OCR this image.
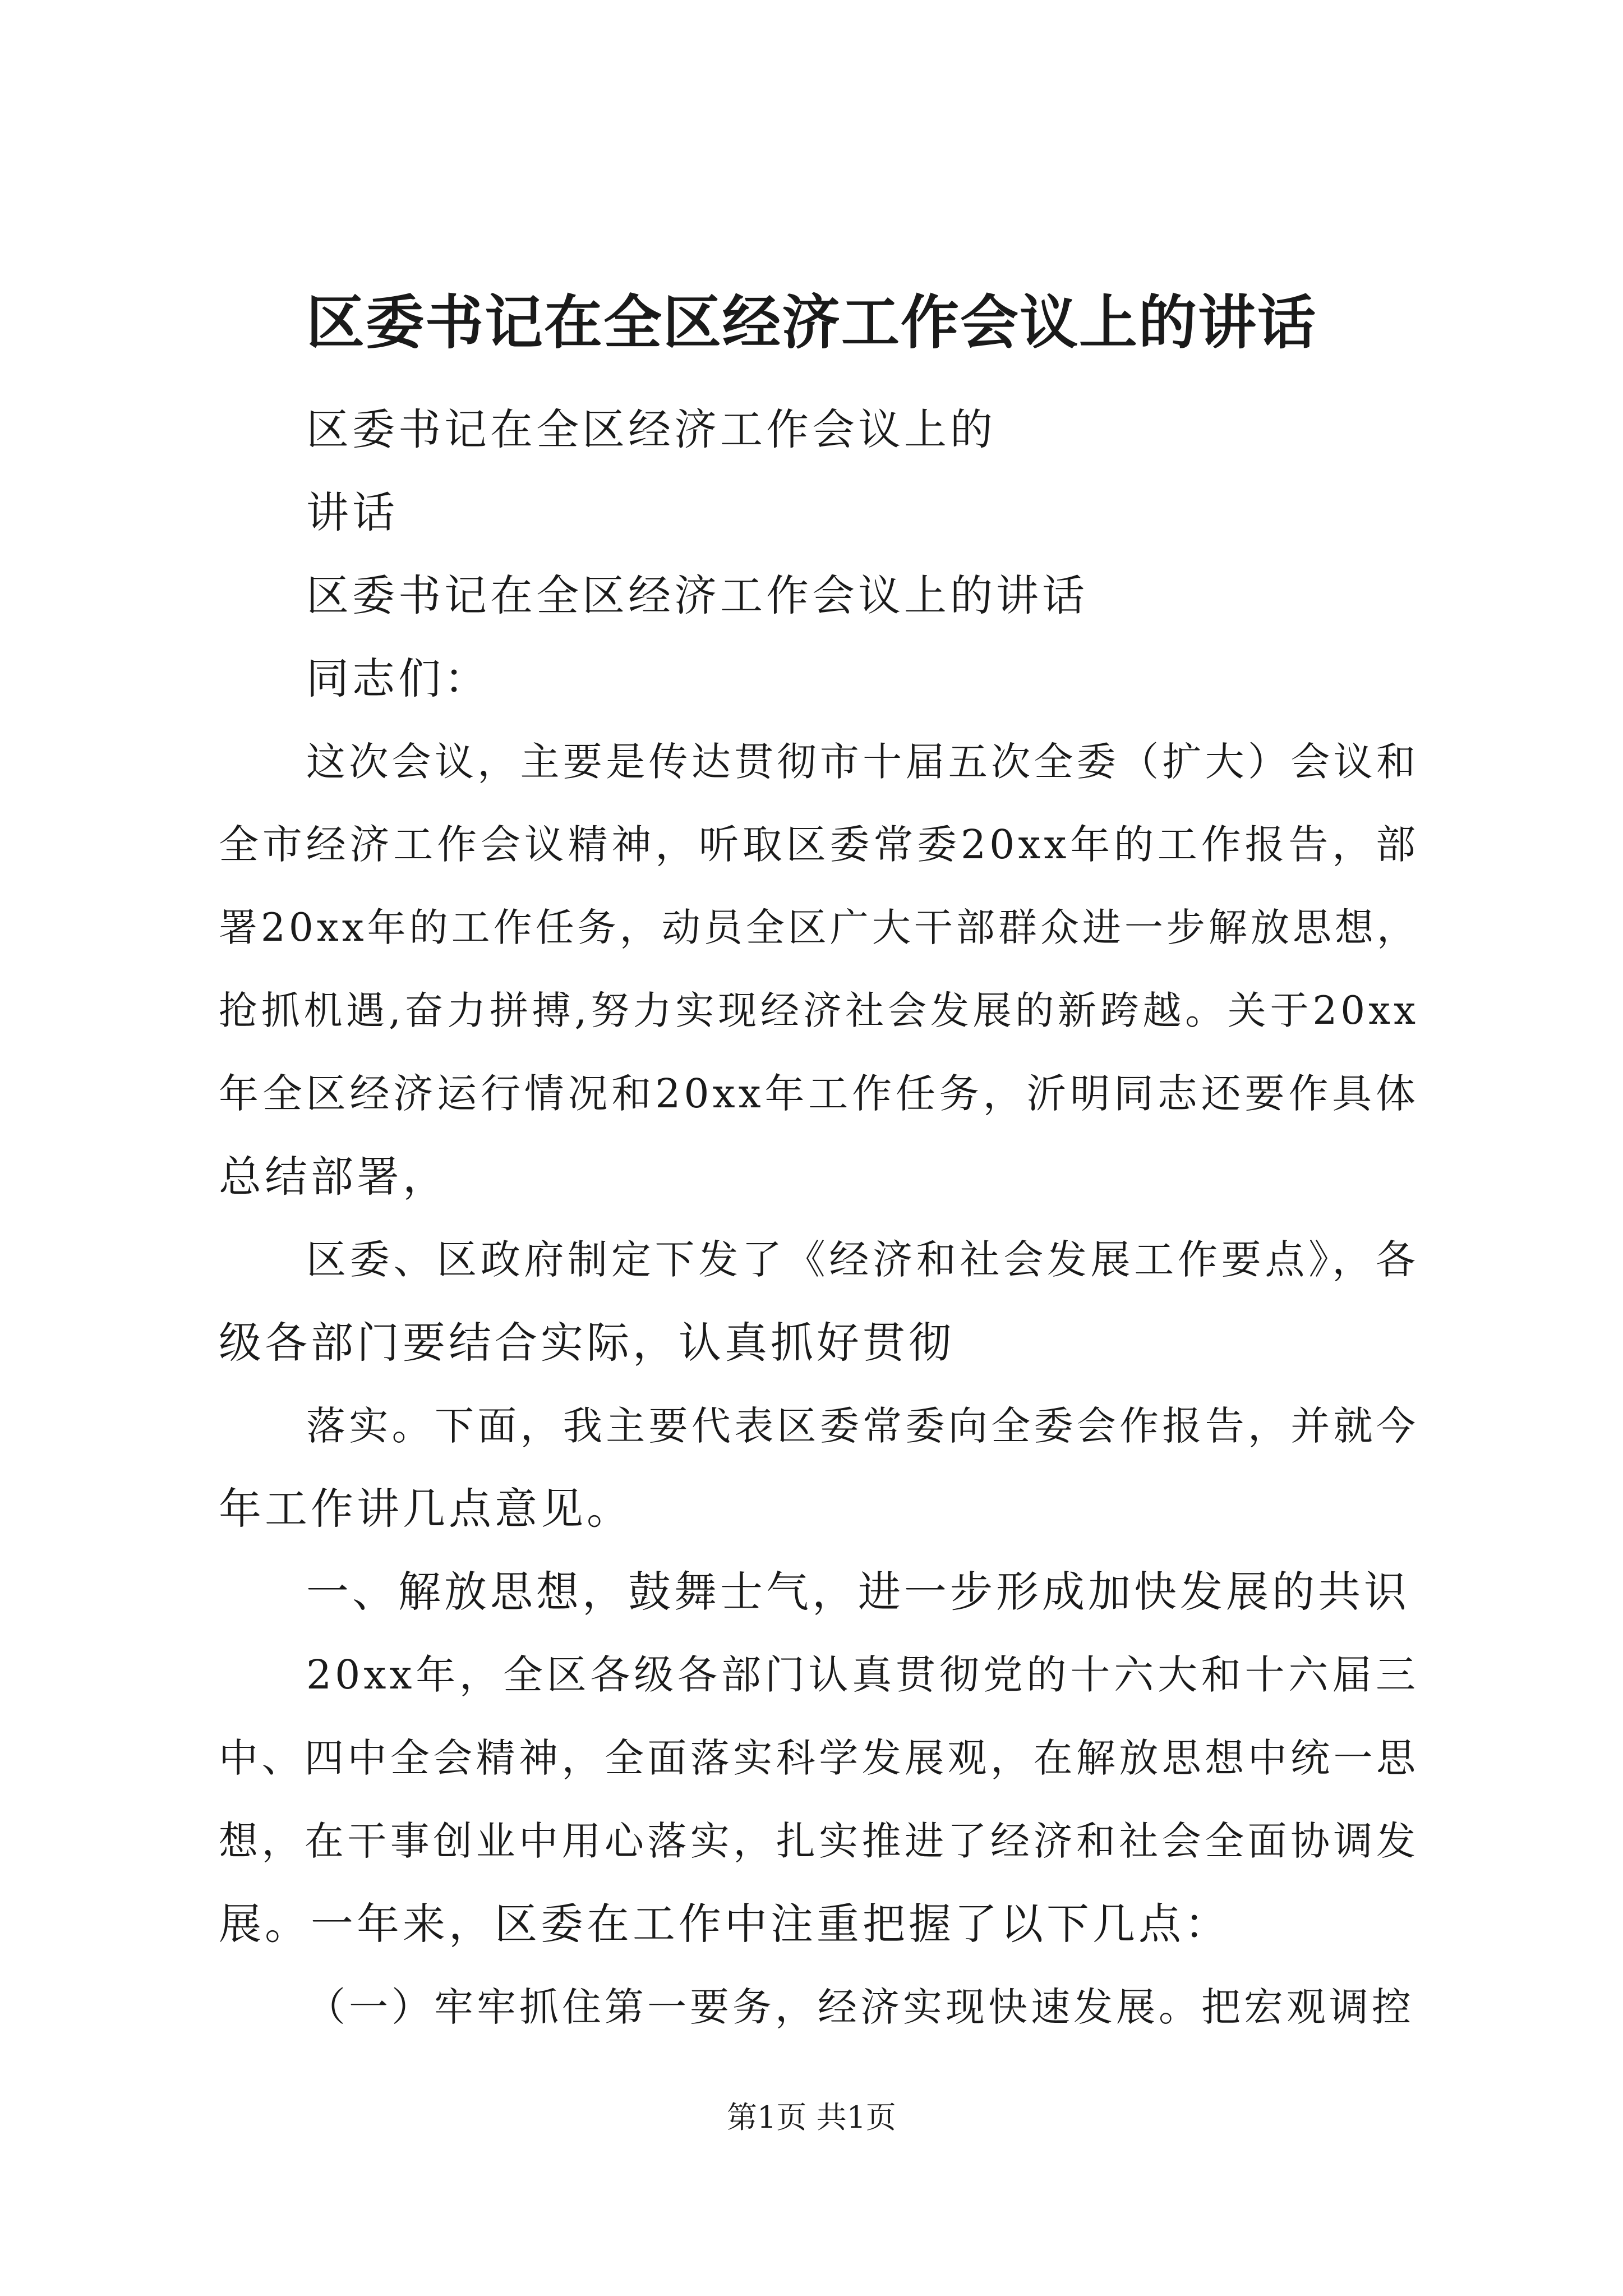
区委书记在全区经济工作会议上的讲话
区委书记在全区经济工作会议上的
讲话
区委书记在全区经济工作会议上的讲话
同志们：
这次会议，主要是传达贯彻市十届五次全委（扩大）会议和
全市经济工作会议精神，听取区委常委20xx年的工作报告，部
署20xx年的工作任务，动员全区广大干部群众进一步解放思想，
抢抓机遇,奋力拼搏,努力实现经济社会发展的新跨越。关于20xx
年全区经济运行情况和20xx年工作任务，沂明同志还要作具体
总结部署，
区委、区政府制定下发了《经济和社会发展工作要点》，各
级各部门要结合实际，认真抓好贯彻
落实。下面，我主要代表区委常委向全委会作报告，并就今
年工作讲几点意见。
一、解放思想，鼓舞士气，进一步形成加快发展的共识
20xx年，全区各级各部门认真贯彻党的十六大和十六届三
中、四中全会精神，全面落实科学发展观，在解放思想中统一思
想，在干事创业中用心落实，扎实推进了经济和社会全面协调发
展。一年来，区委在工作中注重把握了以下几点：
（一）牢牢抓住第一要务，经济实现快速发展。把宏观调控
第1页 共1页
